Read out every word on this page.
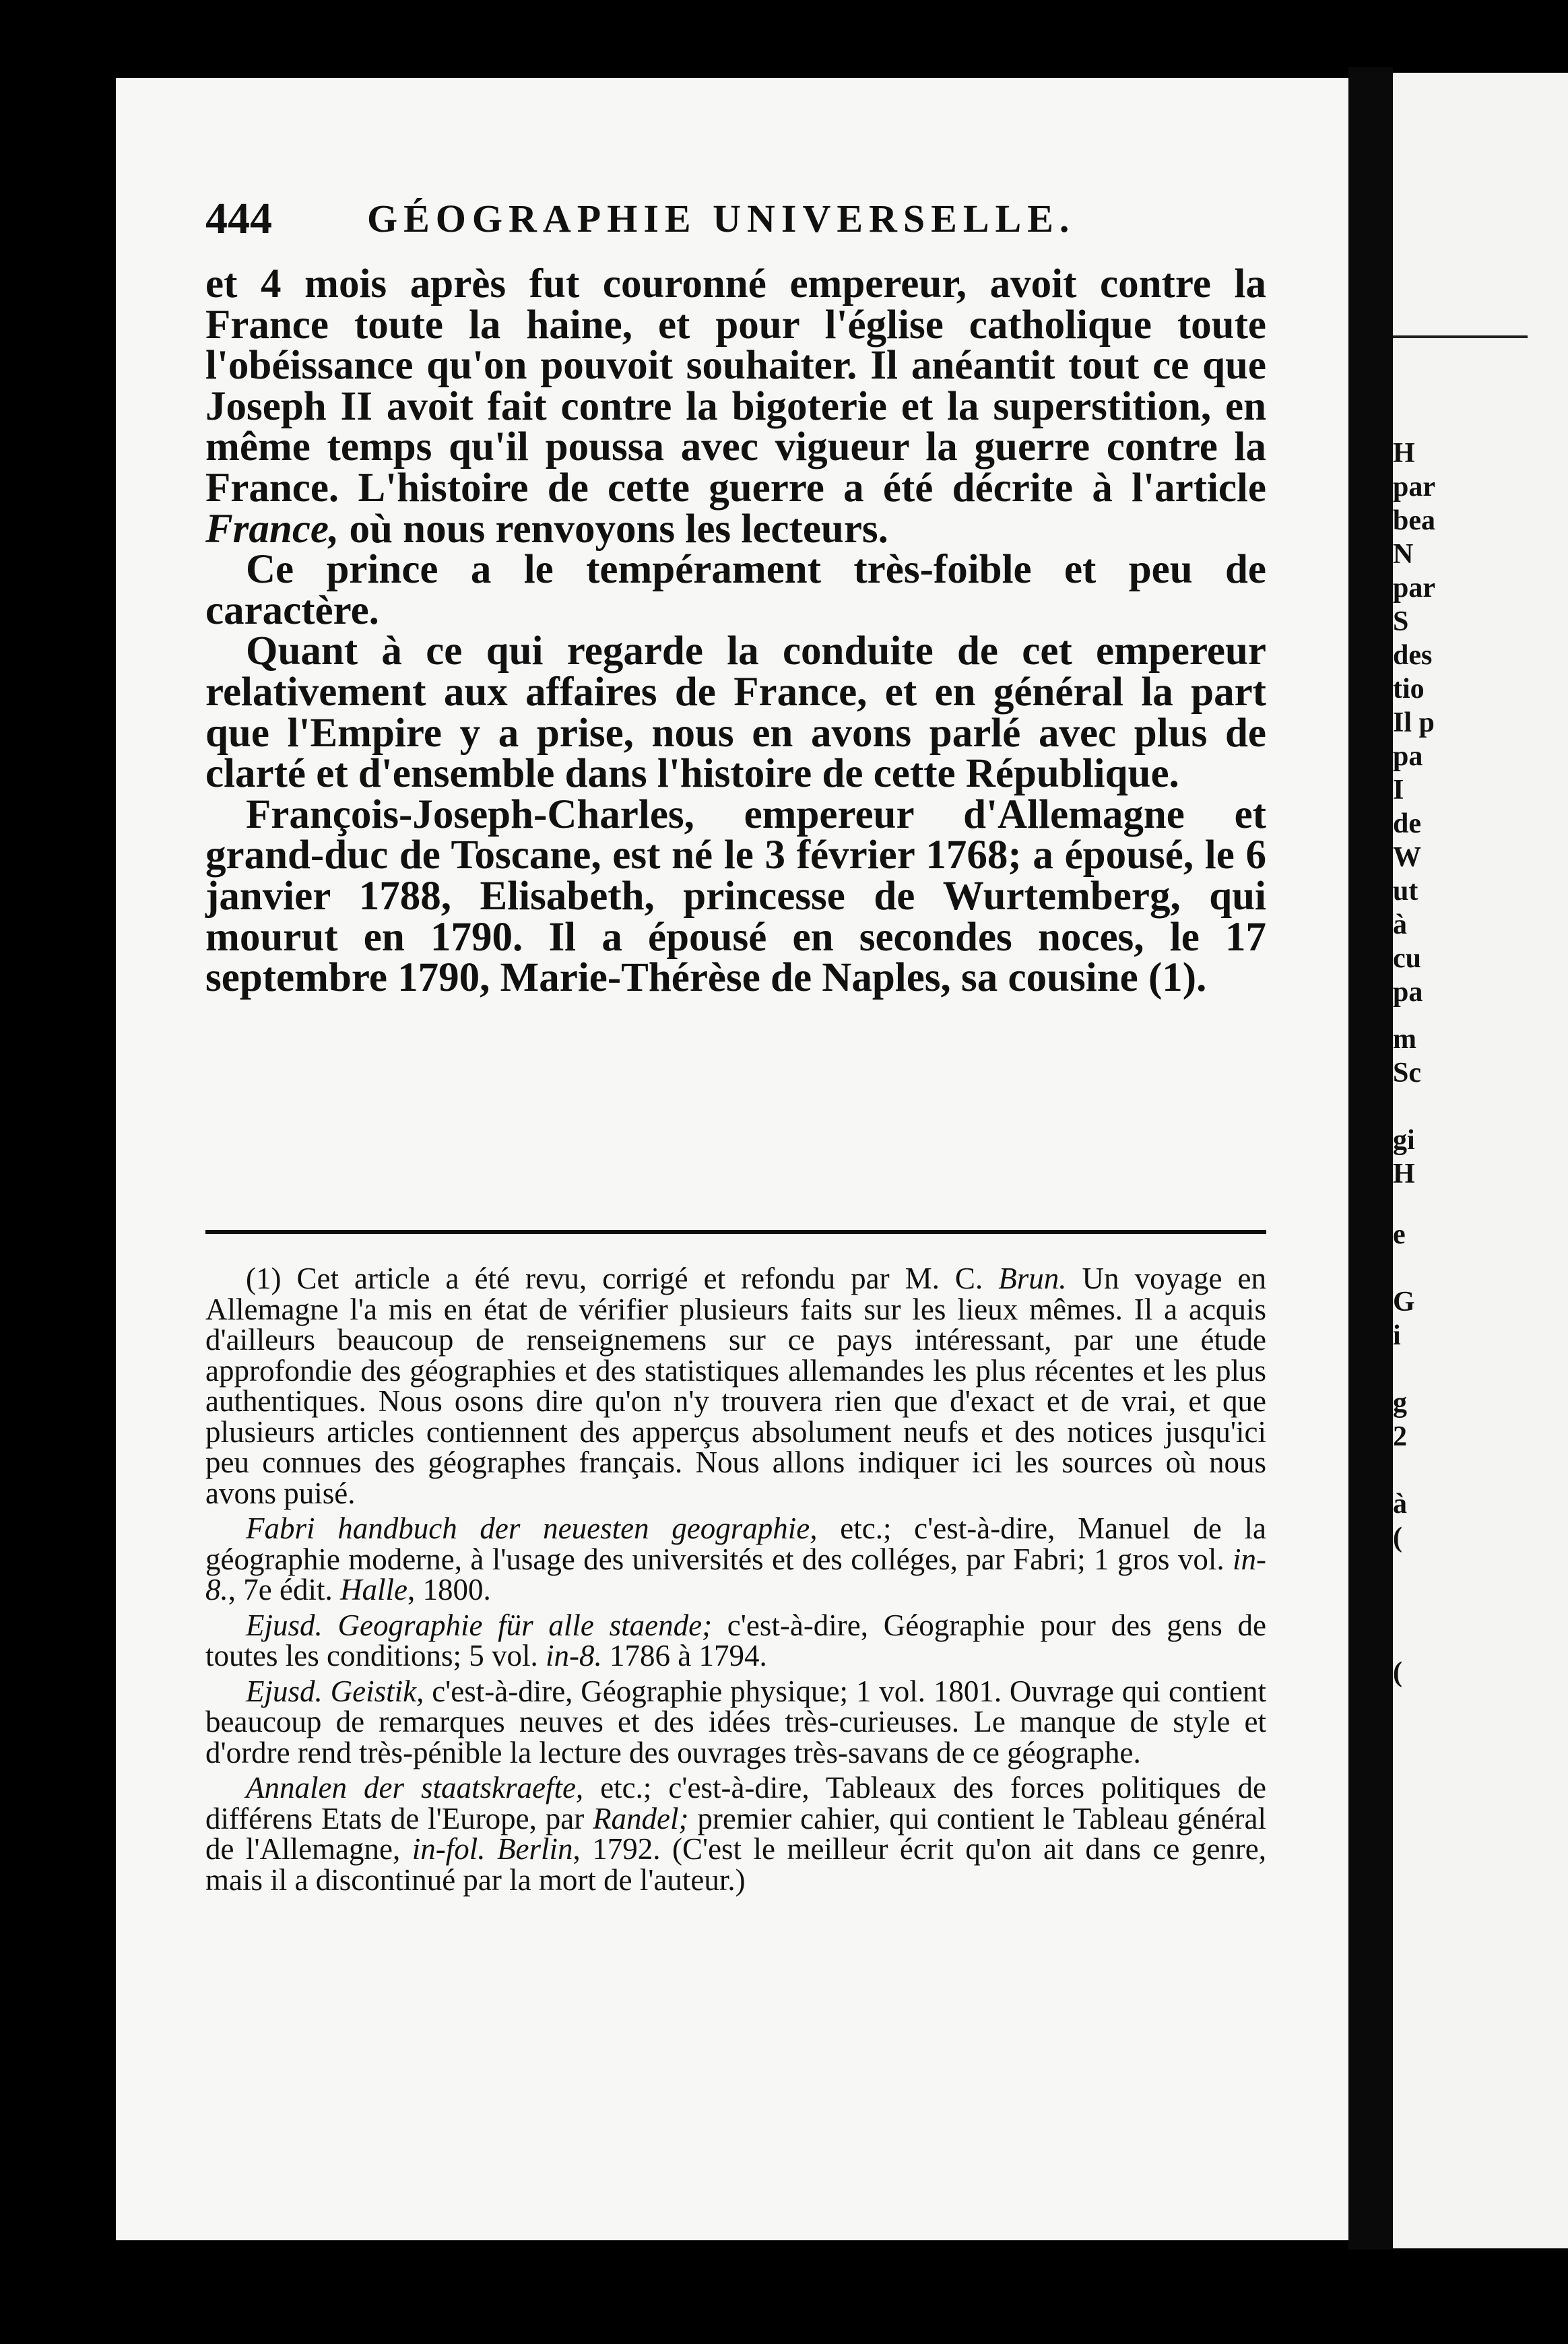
H
par
bea
N
par
S
des
tio
Il p
pa
I
de
W
ut
à
cu
pa
m
Sc
gi
H
e
G
i
g
2
à
(
(
444 GÉOGRAPHIE UNIVERSELLE.

et 4 mois après fut couronné empereur, avoit contre la France toute la haine, et pour l'église catholique toute l'obéissance qu'on pouvoit souhaiter. Il anéantit tout ce que Joseph II avoit fait contre la bigoterie et la superstition, en même temps qu'il poussa avec vigueur la guerre contre la France. L'histoire de cette guerre a été décrite à l'article France, où nous renvoyons les lecteurs.

Ce prince a le tempérament très-foible et peu de caractère.

Quant à ce qui regarde la conduite de cet empereur relativement aux affaires de France, et en général la part que l'Empire y a prise, nous en avons parlé avec plus de clarté et d'ensemble dans l'histoire de cette République.

François-Joseph-Charles, empereur d'Allemagne et grand-duc de Toscane, est né le 3 février 1768; a épousé, le 6 janvier 1788, Elisabeth, princesse de Wurtemberg, qui mourut en 1790. Il a épousé en secondes noces, le 17 septembre 1790, Marie-Thérèse de Naples, sa cousine (1).

(1) Cet article a été revu, corrigé et refondu par M. C. Brun. Un voyage en Allemagne l'a mis en état de vérifier plusieurs faits sur les lieux mêmes. Il a acquis d'ailleurs beaucoup de renseignemens sur ce pays intéressant, par une étude approfondie des géographies et des statistiques allemandes les plus récentes et les plus authentiques. Nous osons dire qu'on n'y trouvera rien que d'exact et de vrai, et que plusieurs articles contiennent des apperçus absolument neufs et des notices jusqu'ici peu connues des géographes français. Nous allons indiquer ici les sources où nous avons puisé.

Fabri handbuch der neuesten geographie, etc.; c'est-à-dire, Manuel de la géographie moderne, à l'usage des universités et des colléges, par Fabri; 1 gros vol. in-8., 7e édit. Halle, 1800.

Ejusd. Geographie für alle staende; c'est-à-dire, Géographie pour des gens de toutes les conditions; 5 vol. in-8. 1786 à 1794.

Ejusd. Geistik, c'est-à-dire, Géographie physique; 1 vol. 1801. Ouvrage qui contient beaucoup de remarques neuves et des idées très-curieuses. Le manque de style et d'ordre rend très-pénible la lecture des ouvrages très-savans de ce géographe.

Annalen der staatskraefte, etc.; c'est-à-dire, Tableaux des forces politiques de différens Etats de l'Europe, par Randel; premier cahier, qui contient le Tableau général de l'Allemagne, in-fol. Berlin, 1792. (C'est le meilleur écrit qu'on ait dans ce genre, mais il a discontinué par la mort de l'auteur.)
